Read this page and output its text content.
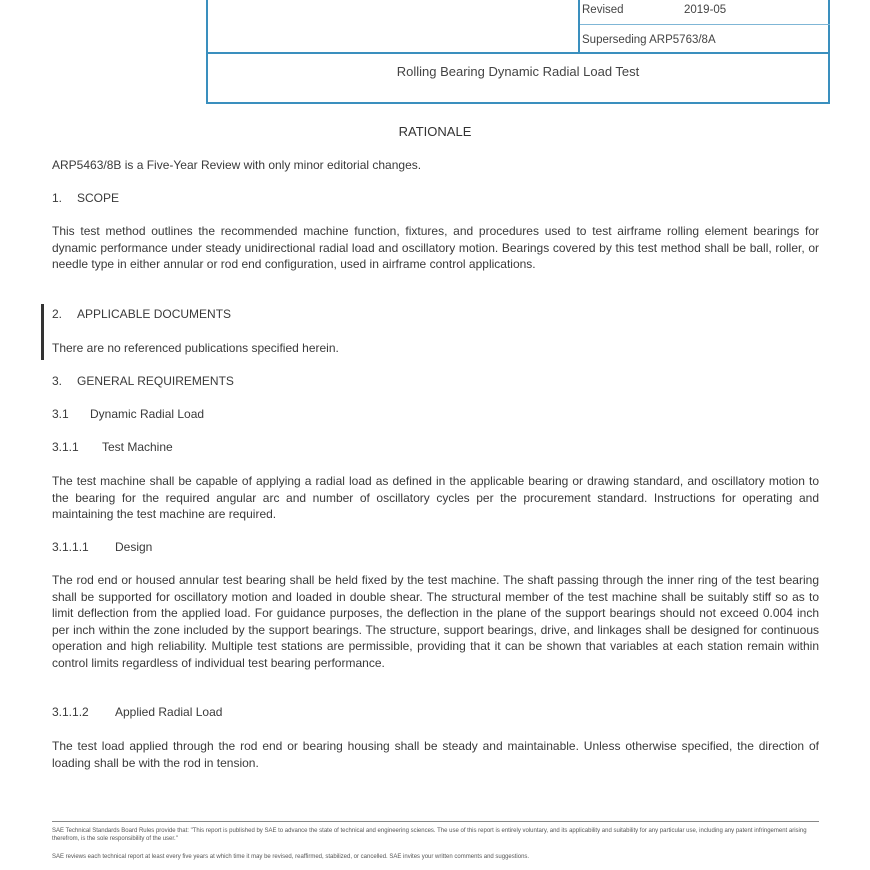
Revised	2019-05
Superseding ARP5763/8A
Rolling Bearing Dynamic Radial Load Test
RATIONALE

ARP5463/8B is a Five-Year Review with only minor editorial changes.

1. SCOPE

This test method outlines the recommended machine function, fixtures, and procedures used to test airframe rolling element bearings for dynamic performance under steady unidirectional radial load and oscillatory motion. Bearings covered by this test method shall be ball, roller, or needle type in either annular or rod end configuration, used in airframe control applications.

2. APPLICABLE DOCUMENTS

There are no referenced publications specified herein.

3. GENERAL REQUIREMENTS
3.1 Dynamic Radial Load
3.1.1 Test Machine

The test machine shall be capable of applying a radial load as defined in the applicable bearing or drawing standard, and oscillatory motion to the bearing for the required angular arc and number of oscillatory cycles per the procurement standard. Instructions for operating and maintaining the test machine are required.

3.1.1.1 Design

The rod end or housed annular test bearing shall be held fixed by the test machine. The shaft passing through the inner ring of the test bearing shall be supported for oscillatory motion and loaded in double shear. The structural member of the test machine shall be suitably stiff so as to limit deflection from the applied load. For guidance purposes, the deflection in the plane of the support bearings should not exceed 0.004 inch per inch within the zone included by the support bearings. The structure, support bearings, drive, and linkages shall be designed for continuous operation and high reliability. Multiple test stations are permissible, providing that it can be shown that variables at each station remain within control limits regardless of individual test bearing performance.

3.1.1.2 Applied Radial Load

The test load applied through the rod end or bearing housing shall be steady and maintainable. Unless otherwise specified, the direction of loading shall be with the rod in tension.

SAE Technical Standards Board Rules provide that: "This report is published by SAE to advance the state of technical and engineering sciences. The use of this report is entirely voluntary, and its applicability and suitability for any particular use, including any patent infringement arising therefrom, is the sole responsibility of the user."

SAE reviews each technical report at least every five years at which time it may be revised, reaffirmed, stabilized, or cancelled. SAE invites your written comments and suggestions.
